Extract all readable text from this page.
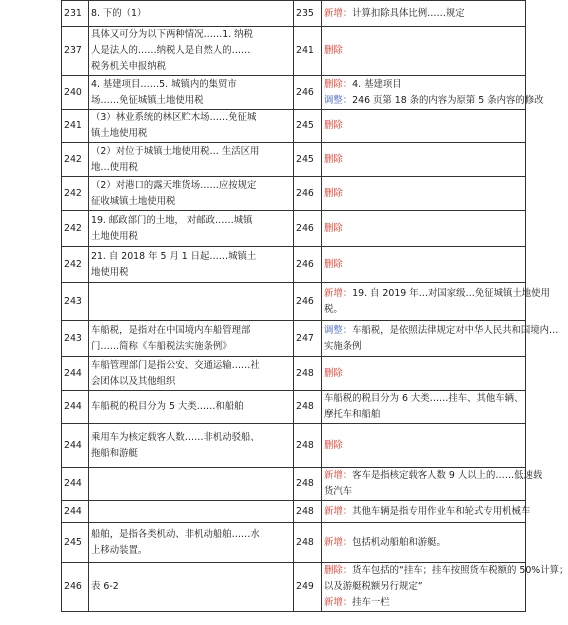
231	8. 下的（1）	235	新增：计算扣除具体比例……规定

237	具体又可分为以下两种情况……1. 纳税
人是法人的……纳税人是自然人的……
税务机关申报纳税	241	删除

240	4. 基建项目……5. 城镇内的集贸市
场……免征城镇土地使用税	246	删除：4. 基建项目
调整：246 页第 18 条的内容为原第 5 条内容的修改

241	（3）林业系统的林区贮木场……免征城
镇土地使用税	245	删除

242	（2）对位于城镇土地使用税… 生活区用
地…使用税	245	删除

242	（2）对港口的露天堆货场……应按规定
征收城镇土地使用税	246	删除

242	19. 邮政部门的土地， 对邮政……城镇
土地使用税	246	删除

242	21. 自 2018 年 5 月 1 日起……城镇土
地使用税	246	删除

243		246	新增：19. 自 2019 年…对国家级…免征城镇土地使用
税。

243	车船税，是指对在中国境内车船管理部
门……简称《车船税法实施条例》	247	调整：车船税，是依照法律规定对中华人民共和国境内…
实施条例

244	车船管理部门是指公安、交通运输……社
会团体以及其他组织	248	删除

244	车船税的税目分为 5 大类……和船舶	248	车船税的税目分为 6 大类……挂车、其他车辆、
摩托车和船舶

244	乘用车为核定载客人数……非机动驳船、
拖船和游艇	248	删除

244		248	新增：客车是指核定载客人数 9 人以上的……低速载
货汽车

244		248	新增：其他车辆是指专用作业车和轮式专用机械车

245	船舶，是指各类机动、非机动船舶……水
上移动装置。	248	新增：包括机动船舶和游艇。

246	表 6-2	249	删除：货车包括的“挂车；挂车按照货车税额的 50%计算；
以及游艇税额另行规定”
新增：挂车一栏
